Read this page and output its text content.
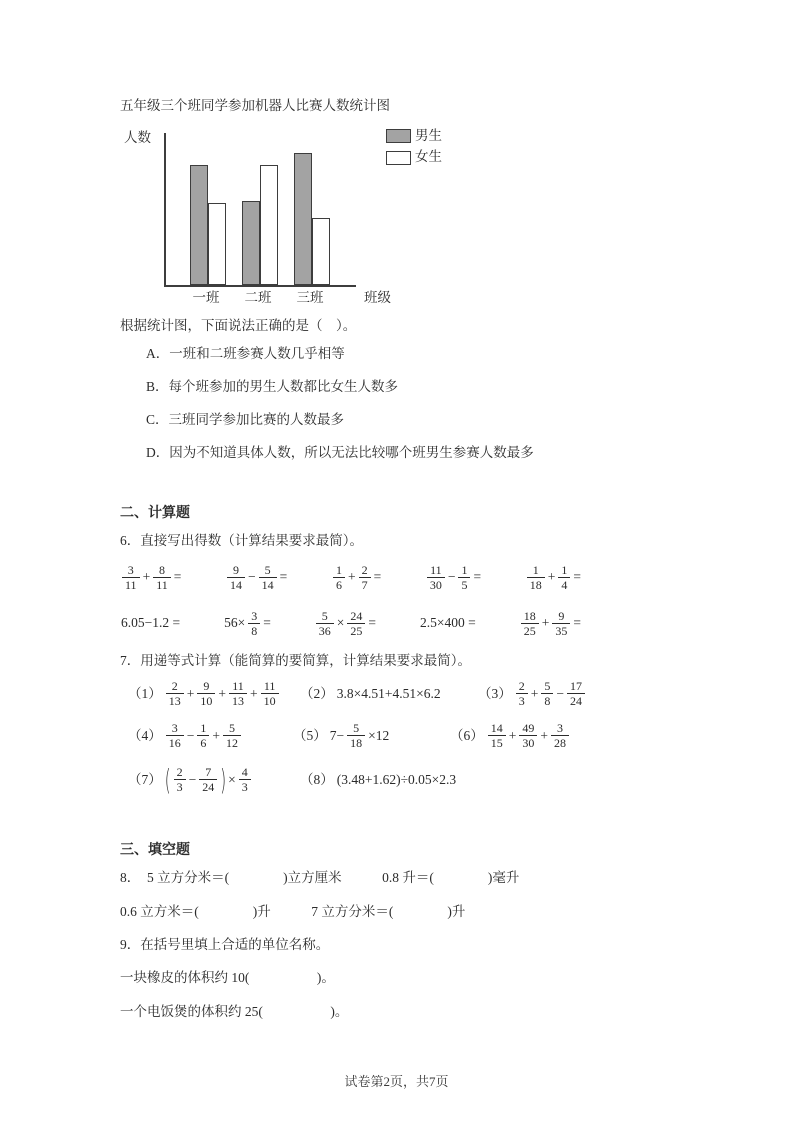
五年级三个班同学参加机器人比赛人数统计图
人数
班级
男生
女生
一班	二班	三班
根据统计图，下面说法正确的是（　）。
A．一班和二班参赛人数几乎相等
B．每个班参加的男生人数都比女生人数多
C．三班同学参加比赛的人数最多
D．因为不知道具体人数，所以无法比较哪个班男生参赛人数最多
二、计算题
6．直接写出得数（计算结果要求最简）。
$\frac{3}{11} + \frac{8}{11}$ =	$\frac{9}{14} - \frac{5}{14}$ =	$\frac{1}{6} + \frac{2}{7}$ =	$\frac{11}{30} - \frac{1}{5}$ =	$\frac{1}{18} + \frac{1}{4}$ =
6.05−1.2 =	$56\times \frac{3}{8}$ =	$\frac{5}{36} \times \frac{24}{25}$ =	2.5×400 =	$\frac{18}{25} + \frac{9}{35}$ =
7．用递等式计算（能简算的要简算，计算结果要求最简）。
$(1) \frac{2}{13} + \frac{9}{10} + \frac{11}{13} + \frac{11}{10} (2)$ 3.8×4.51+4.51×6.2	$(3) \frac{2}{3} + \frac{5}{8} - \frac{17}{24}$
$(4) \frac{3}{16} - \frac{1}{6} + \frac{5}{12}$	（5） $7- \frac{5}{18} \times 12$	$(6) \frac{14}{15} + \frac{49}{30} + \frac{3}{28}$
（7） ( $\frac{2}{3} - \frac{7}{24}$ ) × $\frac{4}{3}$	（8） (3.48+1.62)÷0.05×2.3
三、填空题
8．　5 立方分米＝(　　　　)立方厘米　　　0.8 升＝(　　　　)毫升
0.6 立方米＝(　　　　)升　　　7 立方分米＝(　　　　)升
9．在括号里填上合适的单位名称。
一块橡皮的体积约 10(　　　　　)。
一个电饭煲的体积约 25(　　　　　)。
试卷第2页，共7页
